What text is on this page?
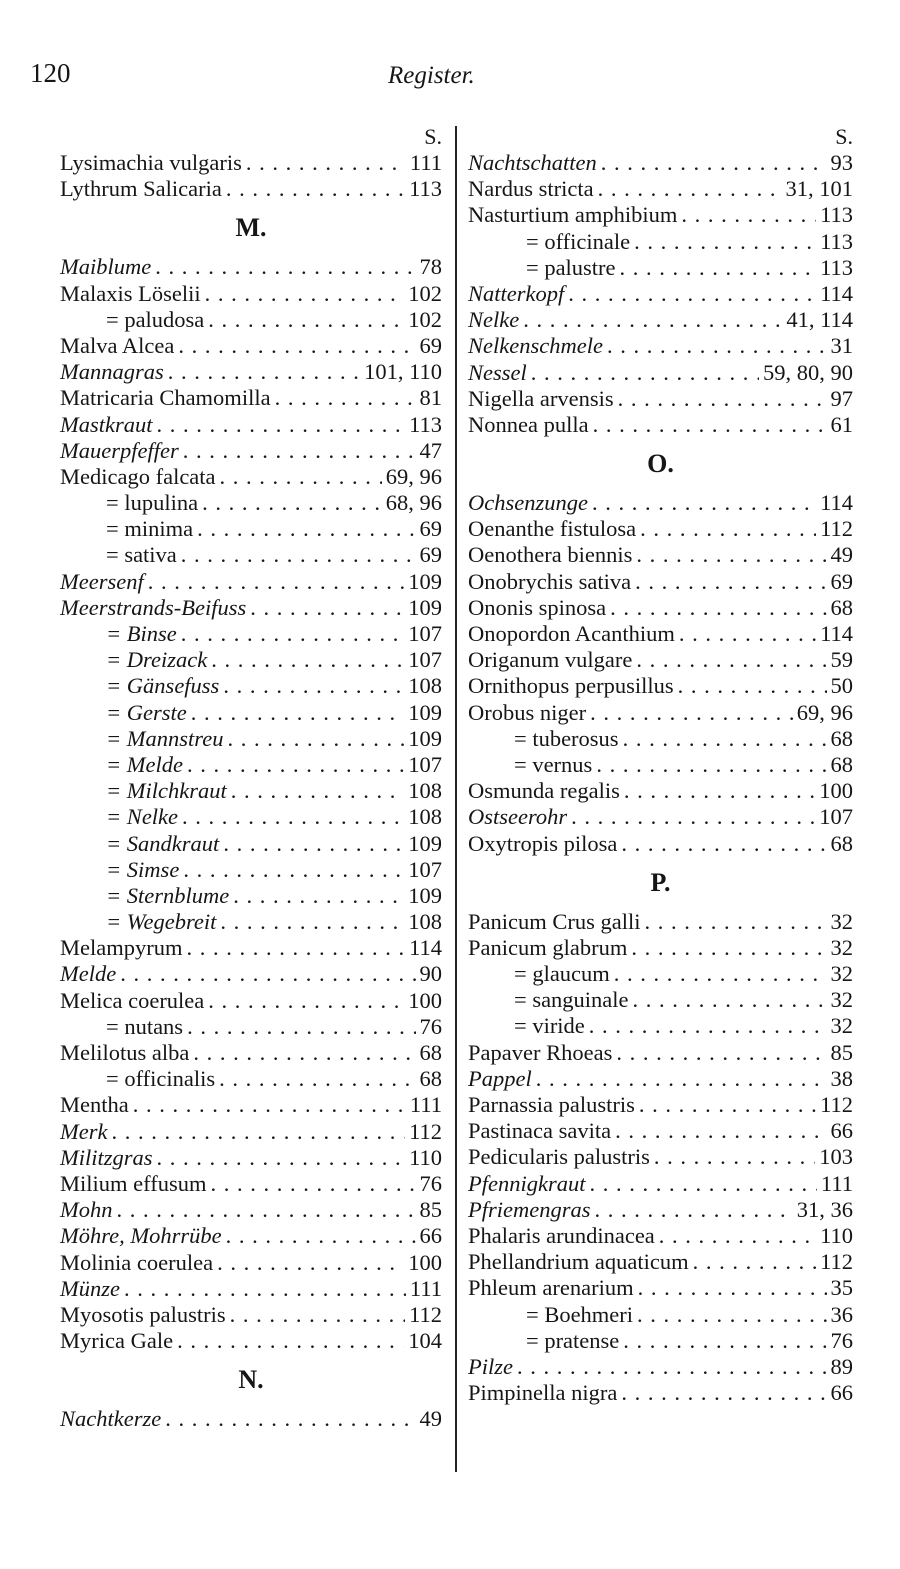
120	Register.
S.
Lysimachia vulgaris . . .	111
Lythrum Salicaria . . .	113
M.
Maiblume . . .	78
Malaxis Löselii . . .	102
= paludosa . . .	102
Malva Alcea . . .	69
Mannagras . . .	101, 110
Matricaria Chamomilla . . .	81
Mastkraut . . .	113
Mauerpfeffer . . .	47
Medicago falcata . . .	69, 96
= lupulina . . .	68, 96
= minima . . .	69
= sativa . . .	69
Meersenf . . .	109
Meerstrands-Beifuss . . .	109
= Binse . . .	107
= Dreizack . . .	107
= Gänsefuss . . .	108
= Gerste . . .	109
= Mannstreu . . .	109
= Melde . . .	107
= Milchkraut . . .	108
= Nelke . . .	108
= Sandkraut . . .	109
= Simse . . .	107
= Sternblume . . .	109
= Wegebreit . . .	108
Melampyrum . . .	114
Melde . . .	90
Melica coerulea . . .	100
= nutans . . .	76
Melilotus alba . . .	68
= officinalis . . .	68
Mentha . . .	111
Merk . . .	112
Militzgras . . .	110
Milium effusum . . .	76
Mohn . . .	85
Möhre, Mohrrübe . . .	66
Molinia coerulea . . .	100
Münze . . .	111
Myosotis palustris . . .	112
Myrica Gale . . .	104
N.
Nachtkerze . . .	49
S.
Nachtschatten . . .	93
Nardus stricta . . .	31, 101
Nasturtium amphibium . . .	113
= officinale . . .	113
= palustre . . .	113
Natterkopf . . .	114
Nelke . . .	41, 114
Nelkenschmele . . .	31
Nessel . . .	59, 80, 90
Nigella arvensis . . .	97
Nonnea pulla . . .	61
O.
Ochsenzunge . . .	114
Oenanthe fistulosa . . .	112
Oenothera biennis . . .	49
Onobrychis sativa . . .	69
Ononis spinosa . . .	68
Onopordon Acanthium . . .	114
Origanum vulgare . . .	59
Ornithopus perpusillus . . .	50
Orobus niger . . .	69, 96
= tuberosus . . .	68
= vernus . . .	68
Osmunda regalis . . .	100
Ostseerohr . . .	107
Oxytropis pilosa . . .	68
P.
Panicum Crus galli . . .	32
Panicum glabrum . . .	32
= glaucum . . .	32
= sanguinale . . .	32
= viride . . .	32
Papaver Rhoeas . . .	85
Pappel . . .	38
Parnassia palustris . . .	112
Pastinaca savita . . .	66
Pedicularis palustris . . .	103
Pfennigkraut . . .	111
Pfriemengras . . .	31, 36
Phalaris arundinacea . . .	110
Phellandrium aquaticum . . .	112
Phleum arenarium . . .	35
= Boehmeri . . .	36
= pratense . . .	76
Pilze . . .	89
Pimpinella nigra . . .	66
